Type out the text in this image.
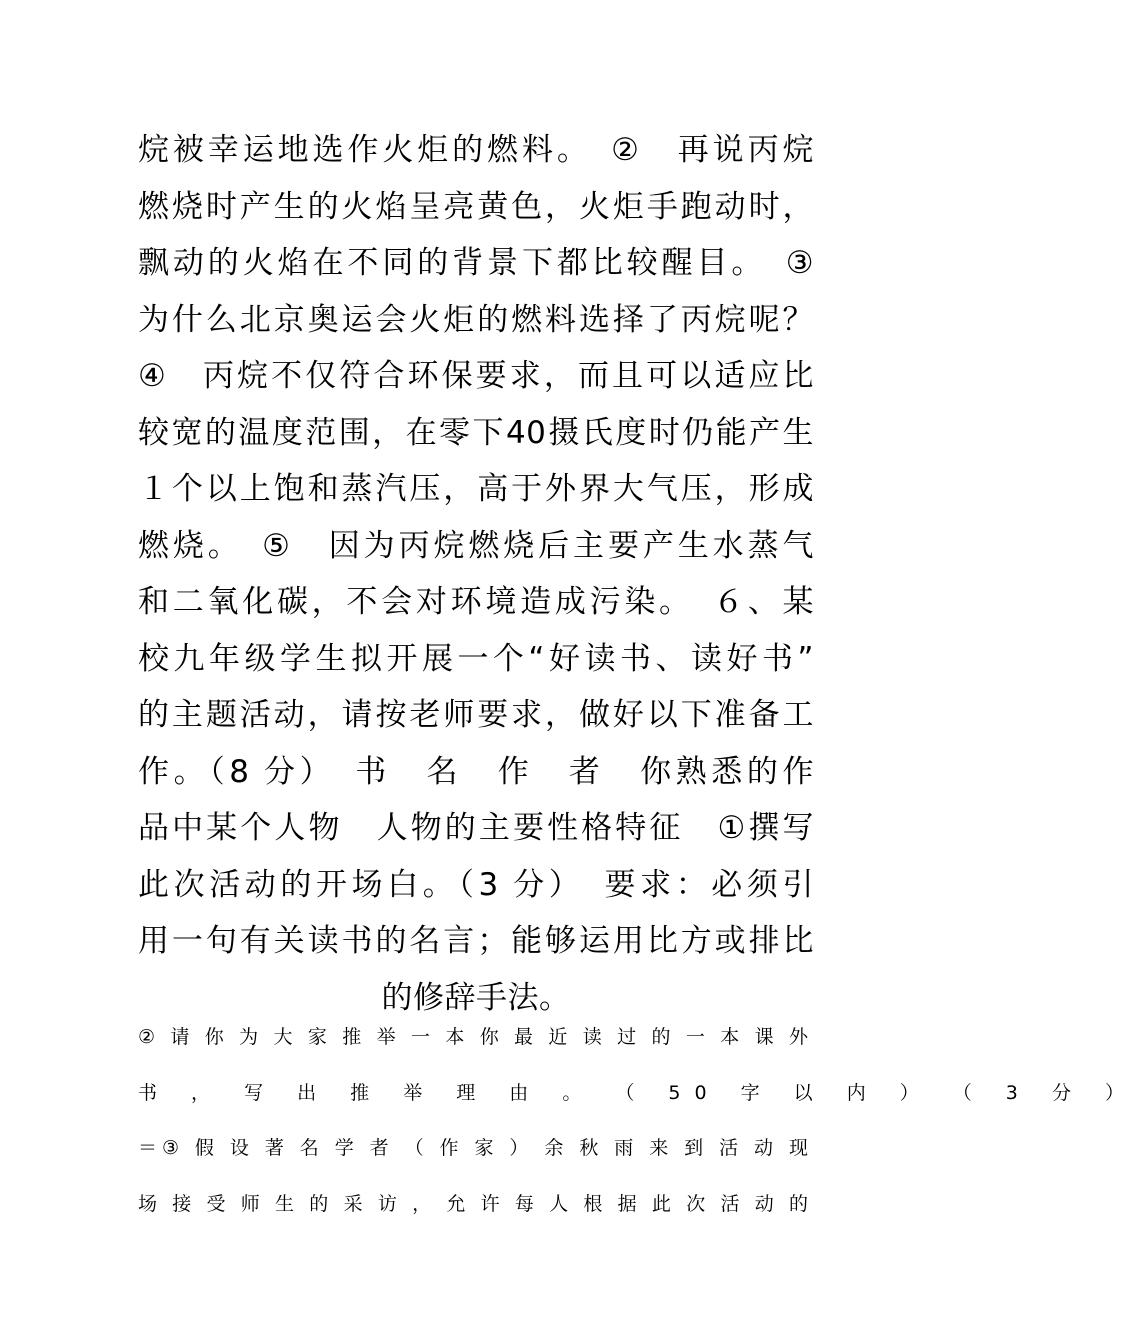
烷被幸运地选作火炬的燃料。　②　再说丙烷
燃烧时产生的火焰呈亮黄色，火炬手跑动时，
飘动的火焰在不同的背景下都比较醒目。　③
为什么北京奥运会火炬的燃料选择了丙烷呢？
④　丙烷不仅符合环保要求，而且可以适应比
较宽的温度范围，在零下40摄氏度时仍能产生
１个以上饱和蒸汽压，高于外界大气压，形成
燃烧。　⑤　因为丙烷燃烧后主要产生水蒸气
和二氧化碳，不会对环境造成污染。　６、某
校九年级学生拟开展一个“好读书、读好书”
的主题活动，请按老师要求，做好以下准备工
作。（8 分）　书　名　作　者　你熟悉的作
品中某个人物　人物的主要性格特征　①撰写
此次活动的开场白。（3 分）　要求：必须引
用一句有关读书的名言；能够运用比方或排比
的修辞手法。
② 请 你 为 大 家 推 举 一 本 你 最 近 读 过 的 一 本 课 外
书 ， 写 出 推 举 理 由 。 （ 50 字 以 内 ） （ 3 分 ）
＝③ 假 设 著 名 学 者 （ 作 家 ） 余 秋 雨 来 到 活 动 现
场 接 受 师 生 的 采 访 ， 允 许 每 人 根 据 此 次 活 动 的
